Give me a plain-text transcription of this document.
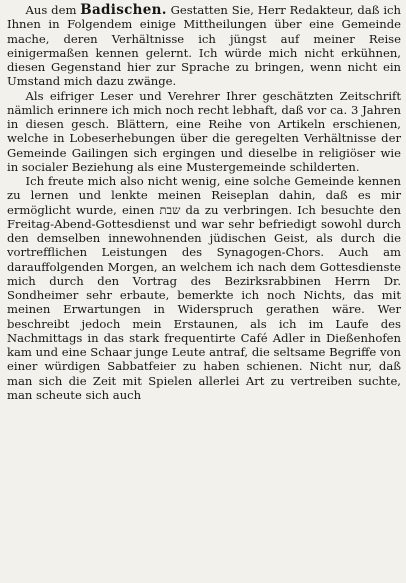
Aus dem Badischen. Gestatten Sie, Herr Redakteur, daß ich Ihnen in Folgendem einige Mittheilungen über eine Gemeinde mache, deren Verhältnisse ich jüngst auf meiner Reise einigermaßen kennen gelernt. Ich würde mich nicht erkühnen, diesen Gegenstand hier zur Sprache zu bringen, wenn nicht ein Umstand mich dazu zwänge.

Als eifriger Leser und Verehrer Ihrer geschätzten Zeitschrift nämlich erinnere ich mich noch recht lebhaft, daß vor ca. 3 Jahren in diesen gesch. Blättern, eine Reihe von Artikeln erschienen, welche in Lobeserhebungen über die geregelten Verhältnisse der Gemeinde Gailingen sich ergingen und dieselbe in religiöser wie in socialer Beziehung als eine Mustergemeinde schilderten.

Ich freute mich also nicht wenig, eine solche Gemeinde kennen zu lernen und lenkte meinen Reiseplan dahin, daß es mir ermöglicht wurde, einen שבת da zu verbringen. Ich besuchte den Freitag-Abend-Gottesdienst und war sehr befriedigt sowohl durch den demselben innewohnenden jüdischen Geist, als durch die vortrefflichen Leistungen des Synagogen-Chors. Auch am darauffolgenden Morgen, an welchem ich nach dem Gottesdienste mich durch den Vortrag des Bezirksrabbinen Herrn Dr. Sondheimer sehr erbaute, bemerkte ich noch Nichts, das mit meinen Erwartungen in Widerspruch gerathen wäre. Wer beschreibt jedoch mein Erstaunen, als ich im Laufe des Nachmittags in das stark frequentirte Café Adler in Dießenhofen kam und eine Schaar junge Leute antraf, die seltsame Begriffe von einer würdigen Sabbatfeier zu haben schienen. Nicht nur, daß man sich die Zeit mit Spielen allerlei Art zu vertreiben suchte, man scheute sich auch
